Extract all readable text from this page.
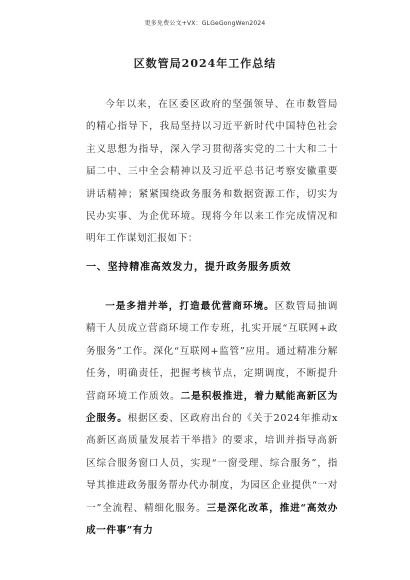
更多免费公文+VX：GLGeGongWen2024
区数管局2024年工作总结
今年以来，在区委区政府的坚强领导、在市数管局的精心指导下，我局坚持以习近平新时代中国特色社会主义思想为指导，深入学习贯彻落实党的二十大和二十届二中、三中全会精神以及习近平总书记考察安徽重要讲话精神；紧紧围绕政务服务和数据资源工作，切实为民办实事、为企优环境。现将今年以来工作完成情况和明年工作谋划汇报如下：
一、坚持精准高效发力，提升政务服务质效
一是多措并举，打造最优营商环境。区数管局抽调精干人员成立营商环境工作专班，扎实开展“互联网+政务服务”工作。深化“互联网+监管”应用。通过精准分解任务，明确责任，把握考核节点，定期调度，不断提升营商环境工作质效。二是积极推进，着力赋能高新区为企服务。根据区委、区政府出台的《关于2024年推动x高新区高质量发展若干举措》的要求，培训并指导高新区综合服务窗口人员，实现“一窗受理、综合服务”，指导其推进政务服务帮办代办制度，为园区企业提供“一对一”全流程、精细化服务。三是深化改革，推进“高效办成一件事”有力
